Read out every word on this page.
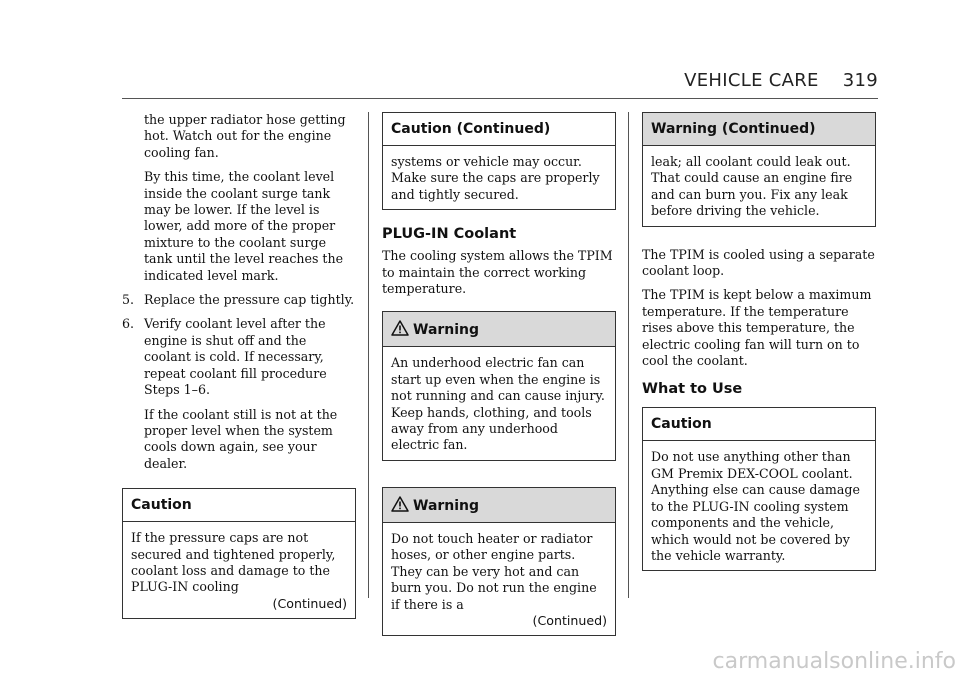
VEHICLE CARE 319

the upper radiator hose getting hot. Watch out for the engine cooling fan.

By this time, the coolant level inside the coolant surge tank may be lower. If the level is lower, add more of the proper mixture to the coolant surge tank until the level reaches the indicated level mark.

5. Replace the pressure cap tightly.
6. Verify coolant level after the engine is shut off and the coolant is cold. If necessary, repeat coolant fill procedure Steps 1–6.

If the coolant still is not at the proper level when the system cools down again, see your dealer.

Caution

If the pressure caps are not secured and tightened properly, coolant loss and damage to the PLUG-IN cooling

(Continued)
Caution (Continued)

systems or vehicle may occur. Make sure the caps are properly and tightly secured.

PLUG-IN Coolant

The cooling system allows the TPIM to maintain the correct working temperature.

Warning

An underhood electric fan can start up even when the engine is not running and can cause injury. Keep hands, clothing, and tools away from any underhood electric fan.

Warning

Do not touch heater or radiator hoses, or other engine parts. They can be very hot and can burn you. Do not run the engine if there is a

(Continued)
Warning (Continued)

leak; all coolant could leak out. That could cause an engine fire and can burn you. Fix any leak before driving the vehicle.

The TPIM is cooled using a separate coolant loop.

The TPIM is kept below a maximum temperature. If the temperature rises above this temperature, the electric cooling fan will turn on to cool the coolant.

What to Use
Caution

Do not use anything other than GM Premix DEX-COOL coolant. Anything else can cause damage to the PLUG-IN cooling system components and the vehicle, which would not be covered by the vehicle warranty.

carmanualsonline.info
